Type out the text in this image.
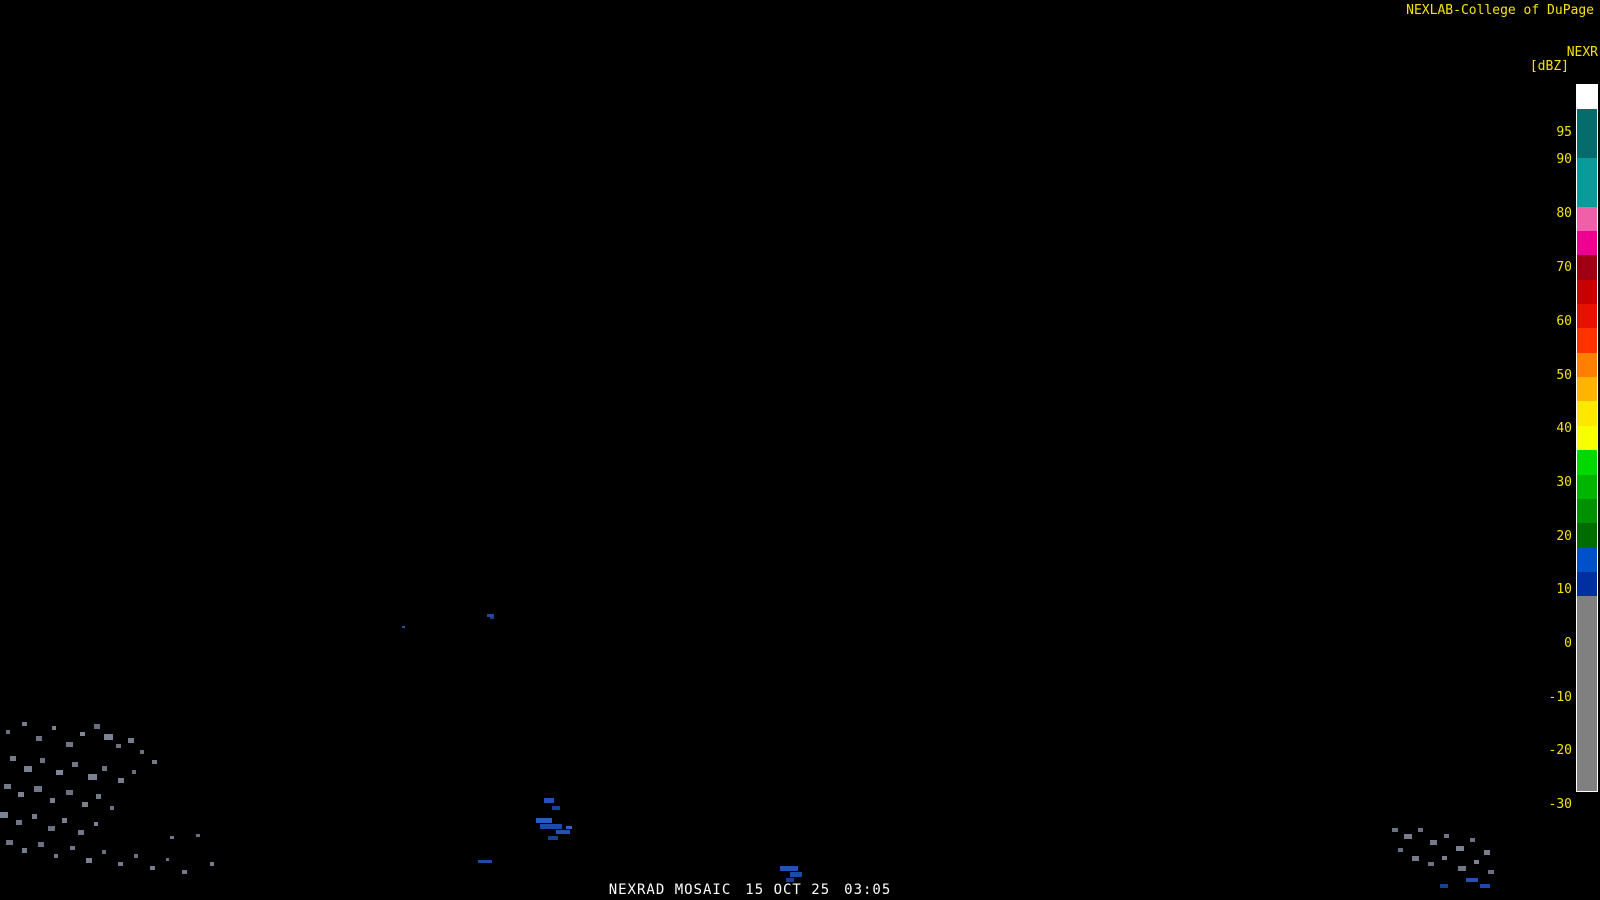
NEXLAB-College of DuPage
NEXR
[dBZ]
95
90
80
70
60
50
40
30
20
10
0
-10
-20
-30
NEXRAD MOSAIC 15 OCT 25 03:05
